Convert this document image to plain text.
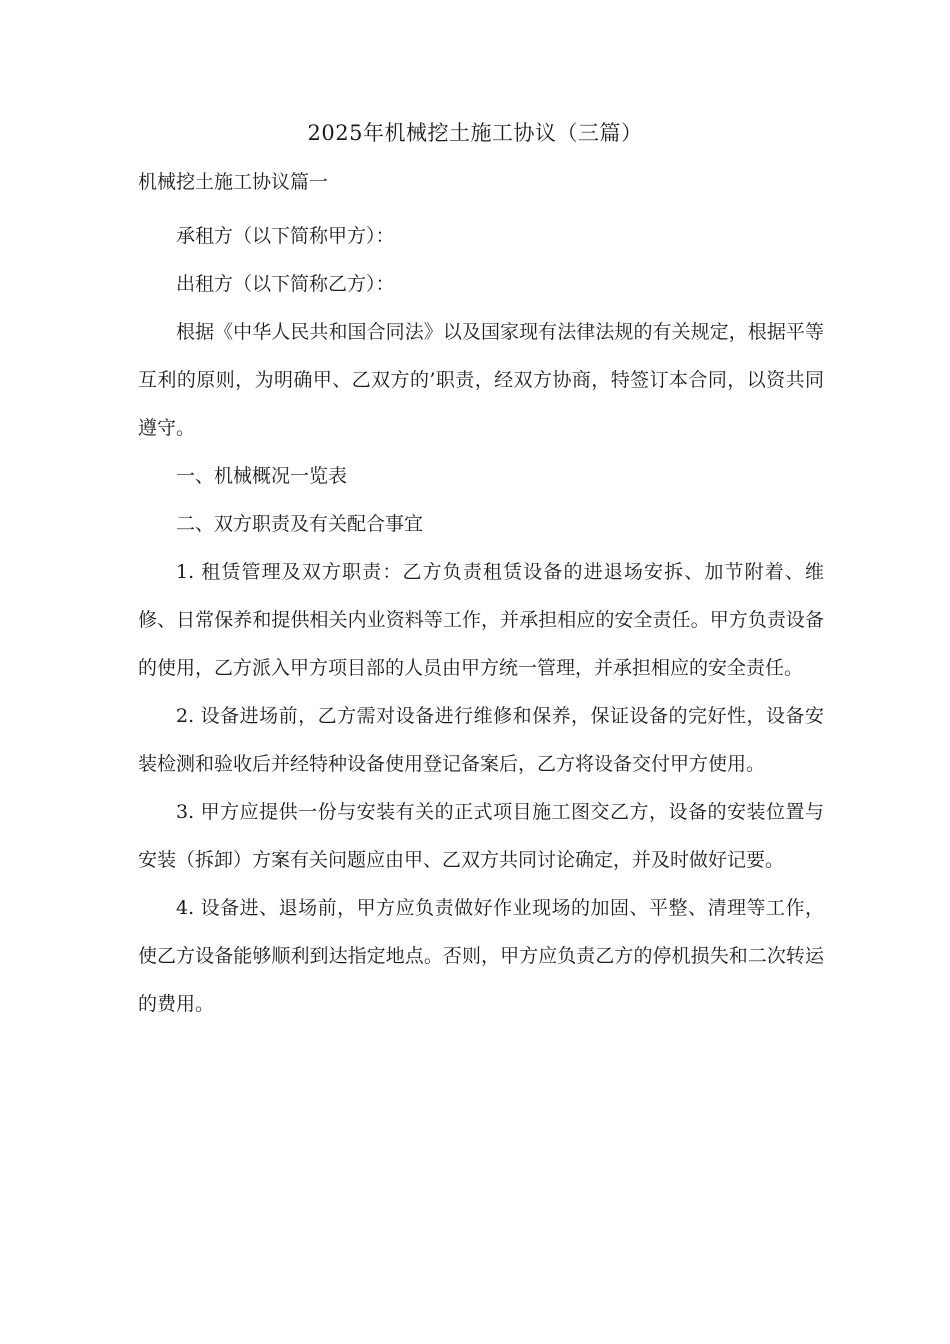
2025年机械挖土施工协议（三篇）
机械挖土施工协议篇一

承租方（以下简称甲方）：

出租方（以下简称乙方）：

根据《中华人民共和国合同法》以及国家现有法律法规的有关规定，根据平等互利的原则，为明确甲、乙双方的’职责，经双方协商，特签订本合同，以资共同遵守。

一、机械概况一览表

二、双方职责及有关配合事宜

1. 租赁管理及双方职责：乙方负责租赁设备的进退场安拆、加节附着、维修、日常保养和提供相关内业资料等工作，并承担相应的安全责任。甲方负责设备的使用，乙方派入甲方项目部的人员由甲方统一管理，并承担相应的安全责任。

2. 设备进场前，乙方需对设备进行维修和保养，保证设备的完好性，设备安装检测和验收后并经特种设备使用登记备案后，乙方将设备交付甲方使用。

3. 甲方应提供一份与安装有关的正式项目施工图交乙方，设备的安装位置与安装（拆卸）方案有关问题应由甲、乙双方共同讨论确定，并及时做好记要。

4. 设备进、退场前，甲方应负责做好作业现场的加固、平整、清理等工作，使乙方设备能够顺利到达指定地点。否则，甲方应负责乙方的停机损失和二次转运的费用。
